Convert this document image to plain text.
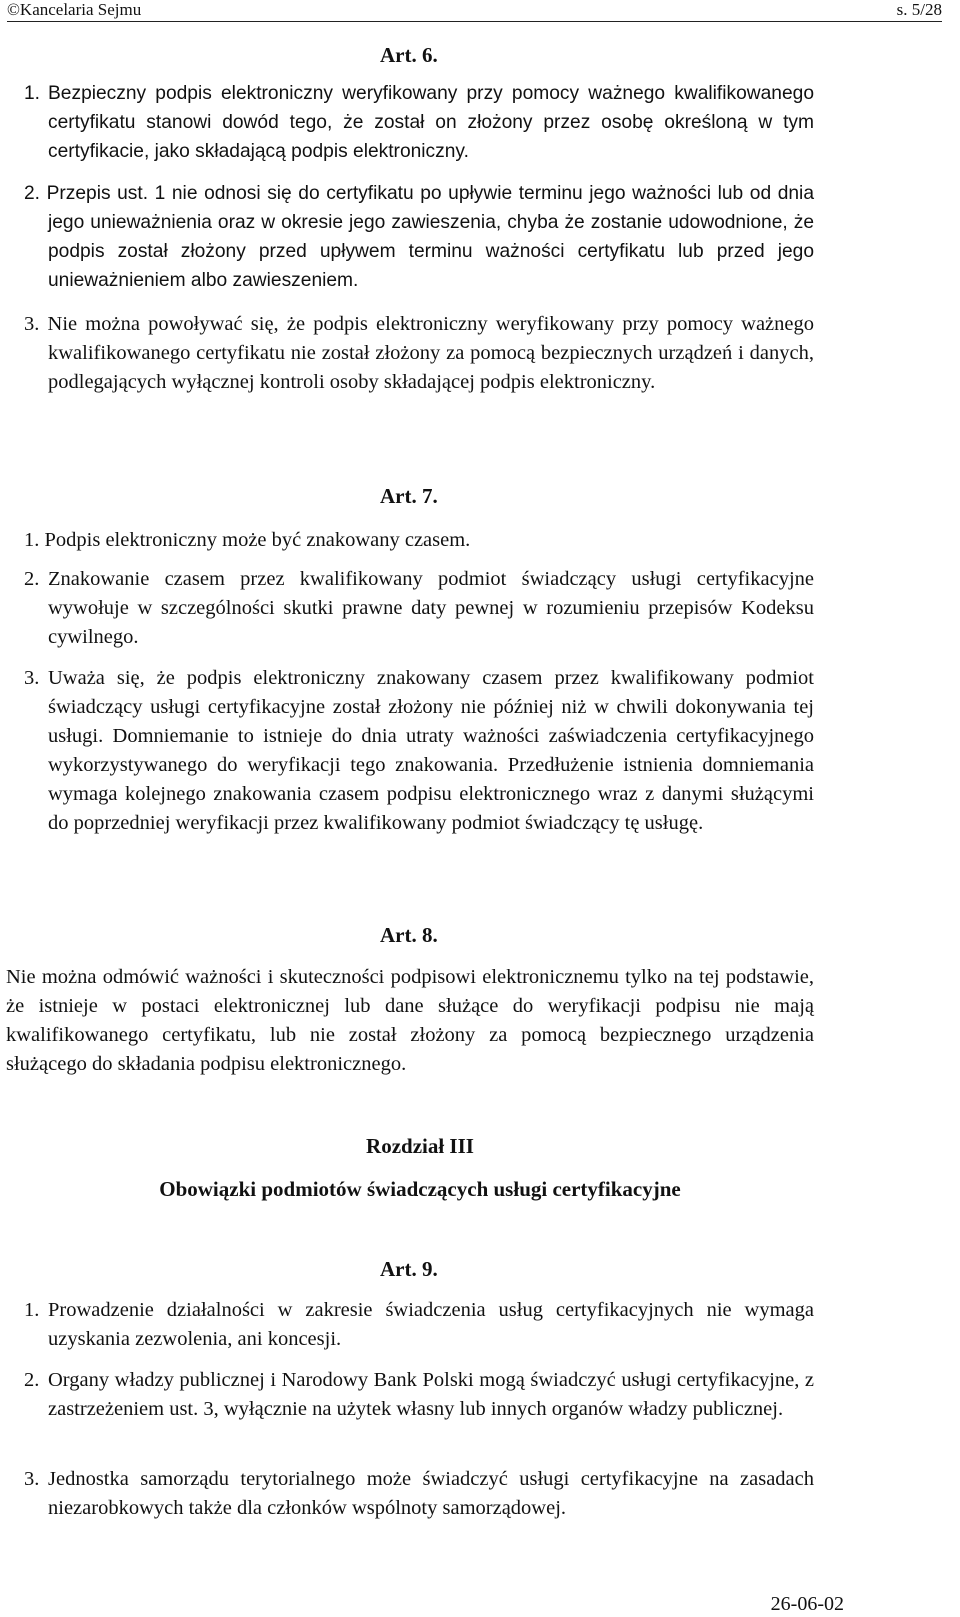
©Kancelaria Sejmu	s. 5/28
Art. 6.
1. Bezpieczny podpis elektroniczny weryfikowany przy pomocy ważnego kwalifikowanego certyfikatu stanowi dowód tego, że został on złożony przez osobę określoną w tym certyfikacie, jako składającą podpis elektroniczny.
2. Przepis ust. 1 nie odnosi się do certyfikatu po upływie terminu jego ważności lub od dnia jego unieważnienia oraz w okresie jego zawieszenia, chyba że zostanie udowodnione, że podpis został złożony przed upływem terminu ważności certyfikatu lub przed jego unieważnieniem albo zawieszeniem.
3. Nie można powoływać się, że podpis elektroniczny weryfikowany przy pomocy ważnego kwalifikowanego certyfikatu nie został złożony za pomocą bezpiecznych urządzeń i danych, podlegających wyłącznej kontroli osoby składającej podpis elektroniczny.
Art. 7.
1. Podpis elektroniczny może być znakowany czasem.
2. Znakowanie czasem przez kwalifikowany podmiot świadczący usługi certyfikacyjne wywołuje w szczególności skutki prawne daty pewnej w rozumieniu przepisów Kodeksu cywilnego.
3. Uważa się, że podpis elektroniczny znakowany czasem przez kwalifikowany podmiot świadczący usługi certyfikacyjne został złożony nie później niż w chwili dokonywania tej usługi. Domniemanie to istnieje do dnia utraty ważności zaświadczenia certyfikacyjnego wykorzystywanego do weryfikacji tego znakowania. Przedłużenie istnienia domniemania wymaga kolejnego znakowania czasem podpisu elektronicznego wraz z danymi służącymi do poprzedniej weryfikacji przez kwalifikowany podmiot świadczący tę usługę.
Art. 8.
Nie można odmówić ważności i skuteczności podpisowi elektronicznemu tylko na tej podstawie, że istnieje w postaci elektronicznej lub dane służące do weryfikacji podpisu nie mają kwalifikowanego certyfikatu, lub nie został złożony za pomocą bezpiecznego urządzenia służącego do składania podpisu elektronicznego.
Rozdział III
Obowiązki podmiotów świadczących usługi certyfikacyjne
Art. 9.
1. Prowadzenie działalności w zakresie świadczenia usług certyfikacyjnych nie wymaga uzyskania zezwolenia, ani koncesji.
2. Organy władzy publicznej i Narodowy Bank Polski mogą świadczyć usługi certyfikacyjne, z zastrzeżeniem ust. 3, wyłącznie na użytek własny lub innych organów władzy publicznej.
3. Jednostka samorządu terytorialnego może świadczyć usługi certyfikacyjne na zasadach niezarobkowych także dla członków wspólnoty samorządowej.
26-06-02
